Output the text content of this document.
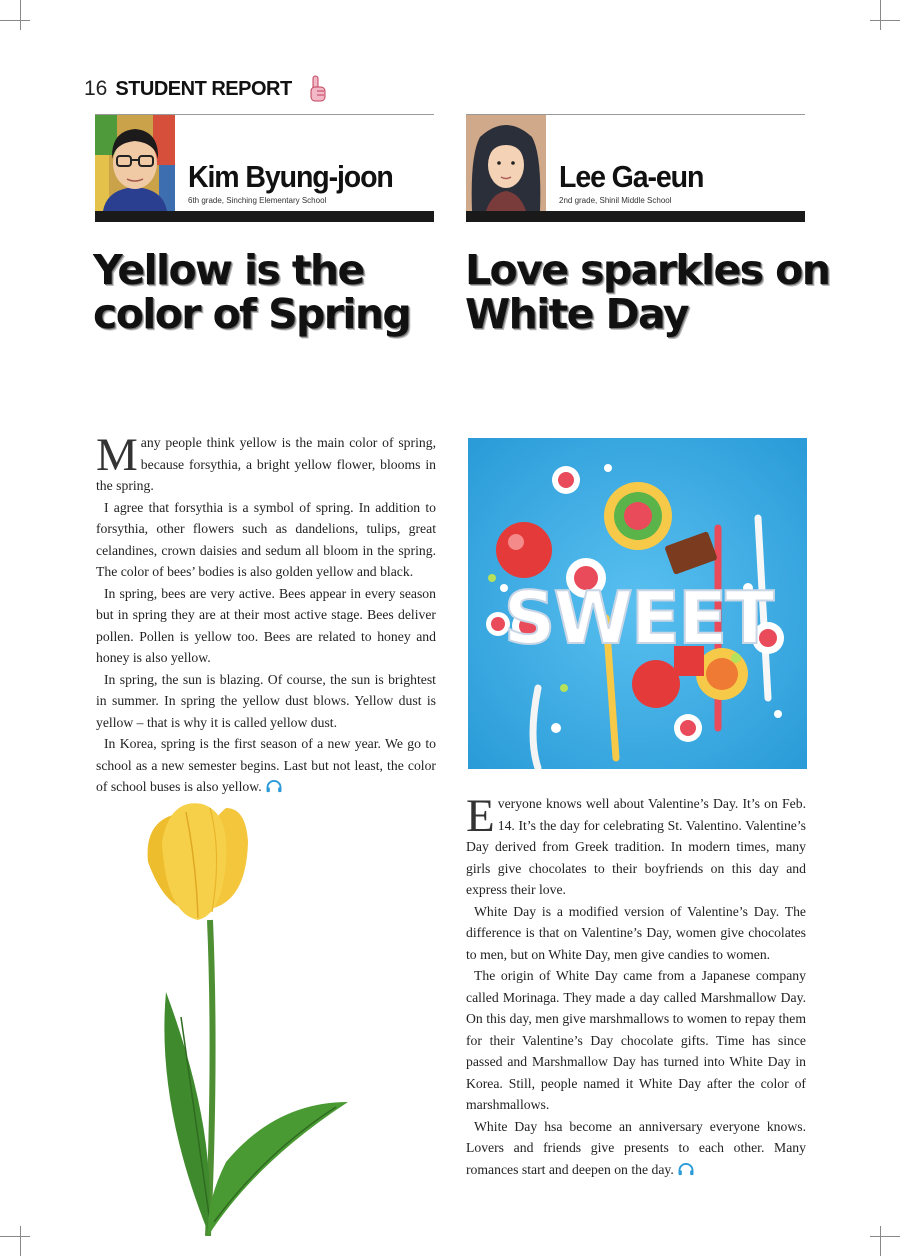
16 STUDENT REPORT
Kim Byung-joon
6th grade, Sinching Elementary School
Lee Ga-eun
2nd grade, Shinil Middle School
Yellow is the
color of Spring
Love sparkles on
White Day

Many people think yellow is the main color of spring, because forsythia, a bright yellow flower, blooms in the spring.

I agree that forsythia is a symbol of spring. In addition to forsythia, other flowers such as dandelions, tulips, great celandines, crown daisies and sedum all bloom in the spring. The color of bees’ bodies is also golden yellow and black.

In spring, bees are very active. Bees appear in every season but in spring they are at their most active stage. Bees deliver pollen. Pollen is yellow too. Bees are related to honey and honey is also yellow.

In spring, the sun is blazing. Of course, the sun is brightest in summer. In spring the yellow dust blows. Yellow dust is yellow – that is why it is called yellow dust.

In Korea, spring is the first season of a new year. We go to school as a new semester begins. Last but not least, the color of school buses is also yellow.

SWEET

Everyone knows well about Valentine’s Day. It’s on Feb. 14. It’s the day for celebrating St. Valentino. Valentine’s Day derived from Greek tradition. In modern times, many girls give chocolates to their boyfriends on this day and express their love.

White Day is a modified version of Valentine’s Day. The difference is that on Valentine’s Day, women give chocolates to men, but on White Day, men give candies to women.

The origin of White Day came from a Japanese company called Morinaga. They made a day called Marshmallow Day. On this day, men give marshmallows to women to repay them for their Valentine’s Day chocolate gifts. Time has since passed and Marshmallow Day has turned into White Day in Korea. Still, people named it White Day after the color of marshmallows.

White Day hsa become an anniversary everyone knows. Lovers and friends give presents to each other. Many romances start and deepen on the day.
